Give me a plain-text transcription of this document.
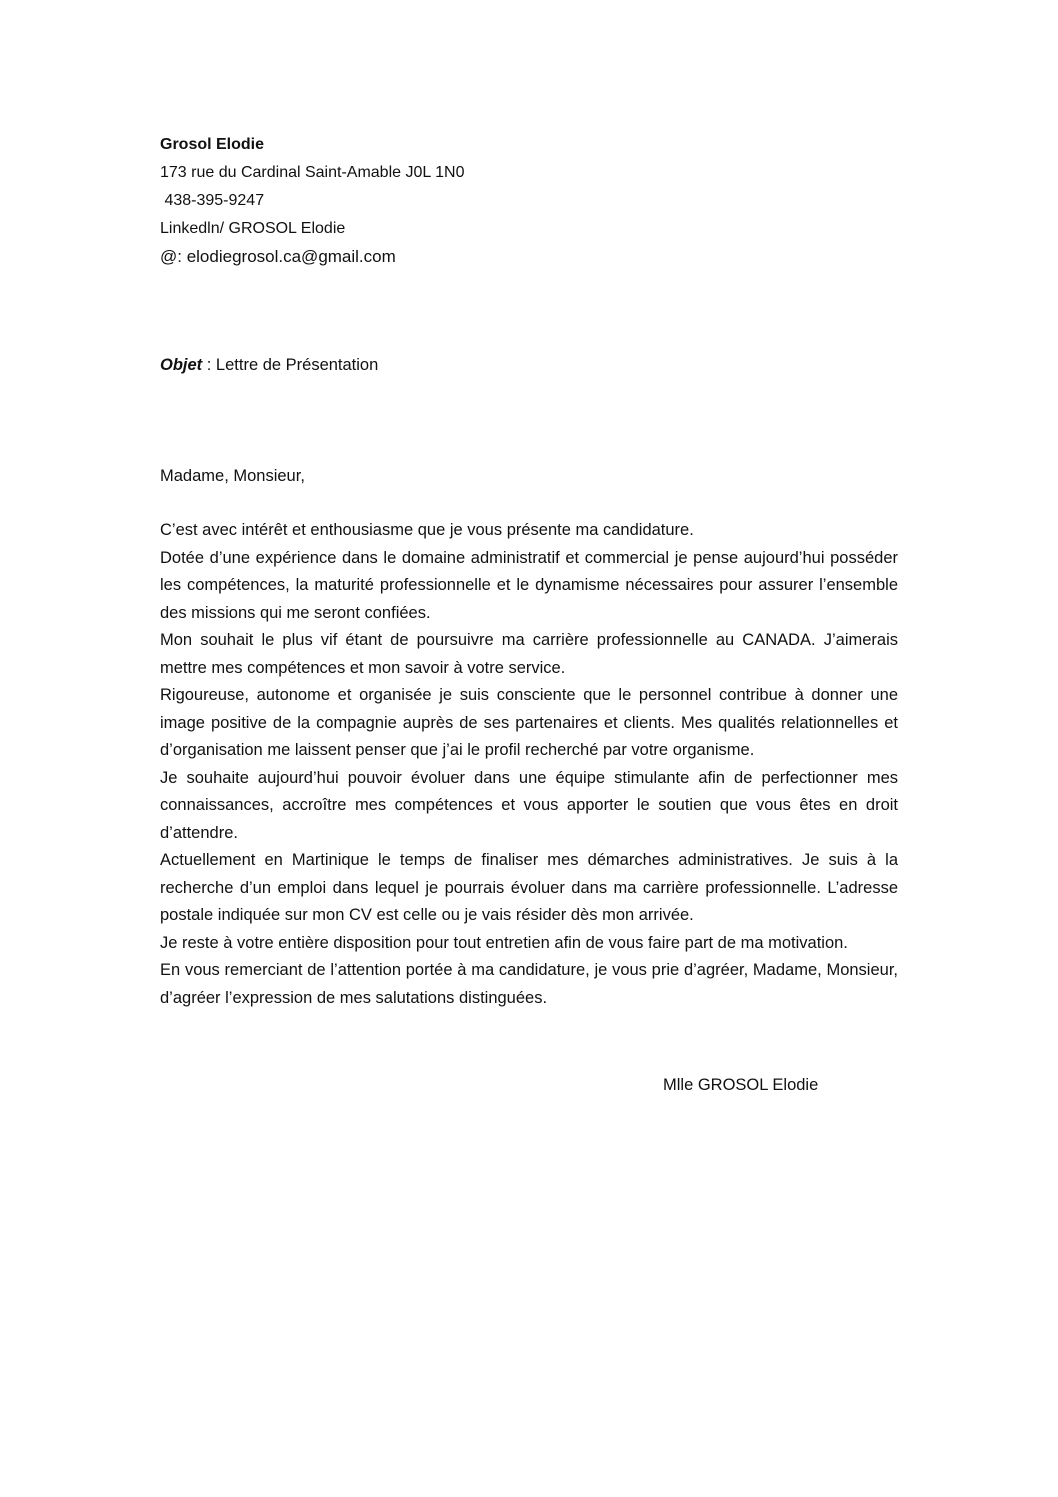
Grosol Elodie
173 rue du Cardinal Saint-Amable J0L 1N0
438-395-9247
Linkedln/ GROSOL Elodie
@: elodiegrosol.ca@gmail.com
Objet : Lettre de Présentation
Madame, Monsieur,

C’est avec intérêt et enthousiasme que je vous présente ma candidature.

Dotée d’une expérience dans le domaine administratif et commercial je pense aujourd’hui posséder les compétences, la maturité professionnelle et le dynamisme nécessaires pour assurer l’ensemble des missions qui me seront confiées.

Mon souhait le plus vif étant de poursuivre ma carrière professionnelle au CANADA. J’aimerais mettre mes compétences et mon savoir à votre service.

Rigoureuse, autonome et organisée je suis consciente que le personnel contribue à donner une image positive de la compagnie auprès de ses partenaires et clients. Mes qualités relationnelles et d’organisation me laissent penser que j’ai le profil recherché par votre organisme.

Je souhaite aujourd’hui pouvoir évoluer dans une équipe stimulante afin de perfectionner mes connaissances, accroître mes compétences et vous apporter le soutien que vous êtes en droit d’attendre.

Actuellement en Martinique le temps de finaliser mes démarches administratives. Je suis à la recherche d’un emploi dans lequel je pourrais évoluer dans ma carrière professionnelle. L’adresse postale indiquée sur mon CV est celle ou je vais résider dès mon arrivée.

Je reste à votre entière disposition pour tout entretien afin de vous faire part de ma motivation.

En vous remerciant de l’attention portée à ma candidature, je vous prie d’agréer, Madame, Monsieur, d’agréer l’expression de mes salutations distinguées.

Mlle GROSOL Elodie
